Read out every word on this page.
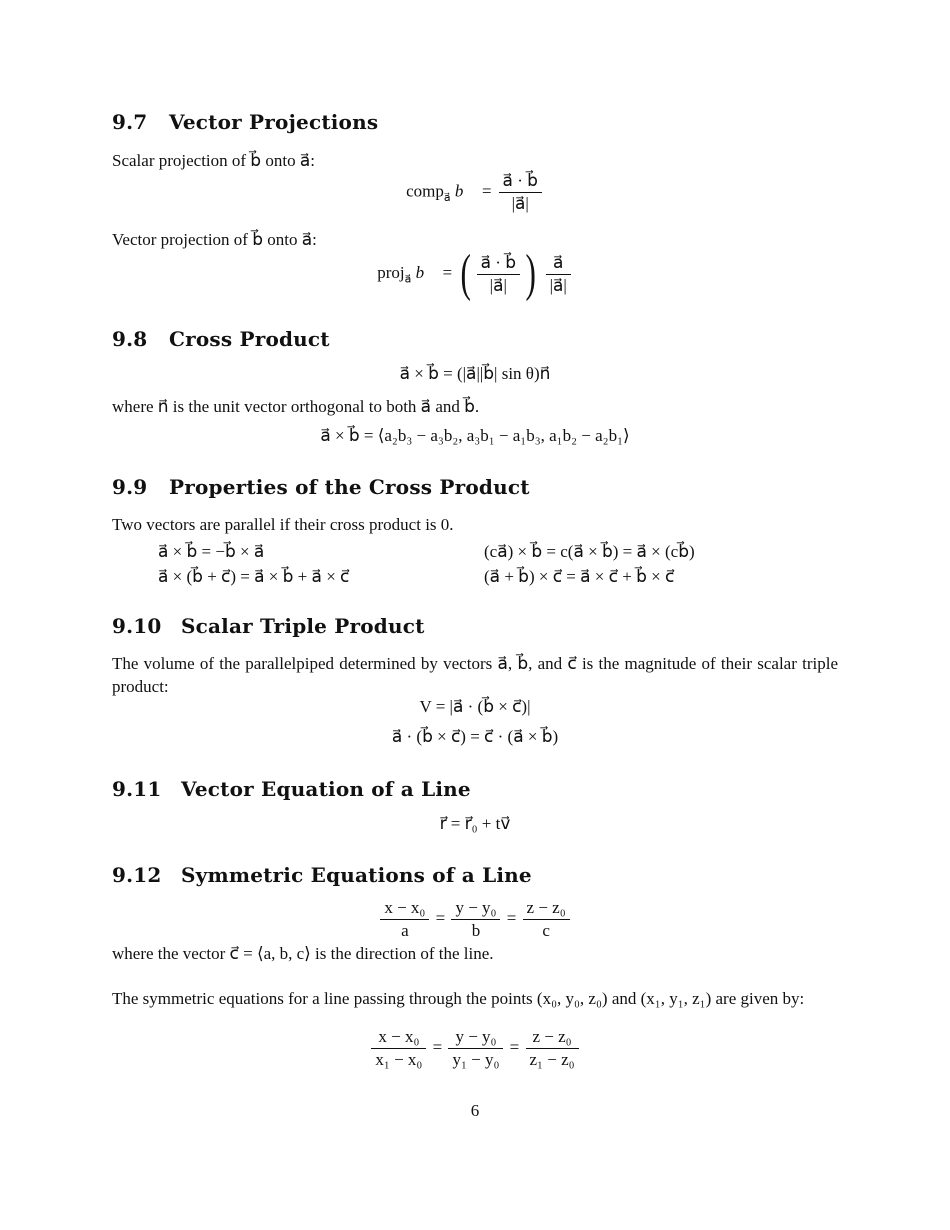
9.7 Vector Projections
Scalar projection of b⃗ onto a⃗:
comp$_{a⃗}$ b⃗ = $\frac{a⃗ \cdot b⃗}{|a⃗|}$
Vector projection of b⃗ onto a⃗:
proj$_{a⃗}$ b⃗ = ( $\frac{a⃗ \cdot b⃗}{|a⃗|}$ ) $\frac{a⃗}{|a⃗|}$
9.8 Cross Product
a⃗ × b⃗ = (|a⃗||b⃗| sin θ)n⃗
where n⃗ is the unit vector orthogonal to both a⃗ and b⃗.
a⃗ × b⃗ = ⟨a₂b₃ − a₃b₂, a₃b₁ − a₁b₃, a₁b₂ − a₂b₁⟩
9.9 Properties of the Cross Product
Two vectors are parallel if their cross product is 0.
a⃗ × b⃗ = −b⃗ × a⃗	(ca⃗) × b⃗ = c(a⃗ × b⃗) = a⃗ × (cb⃗)
a⃗ × (b⃗ + c⃗) = a⃗ × b⃗ + a⃗ × c⃗	(a⃗ + b⃗) × c⃗ = a⃗ × c⃗ + b⃗ × c⃗
9.10 Scalar Triple Product
The volume of the parallelpiped determined by vectors a⃗, b⃗, and c⃗ is the magnitude of their scalar triple product:
V = |a⃗ · (b⃗ × c⃗)|
a⃗ · (b⃗ × c⃗) = c⃗ · (a⃗ × b⃗)
9.11 Vector Equation of a Line
r⃗ = r⃗₀ + tv⃗
9.12 Symmetric Equations of a Line
$\frac{\text{x − x₀}}{a} = \frac{\text{y − y₀}}{b} = \frac{\text{z − z₀}}{c}$
where the vector c⃗ = ⟨a, b, c⟩ is the direction of the line.
The symmetric equations for a line passing through the points (x₀, y₀, z₀) and (x₁, y₁, z₁) are given by:
$\frac{\text{x − x₀}}{\text{x₁ − x₀}} = \frac{\text{y − y₀}}{\text{y₁ − y₀}} = \frac{\text{z − z₀}}{\text{z₁ − z₀}}$
6
